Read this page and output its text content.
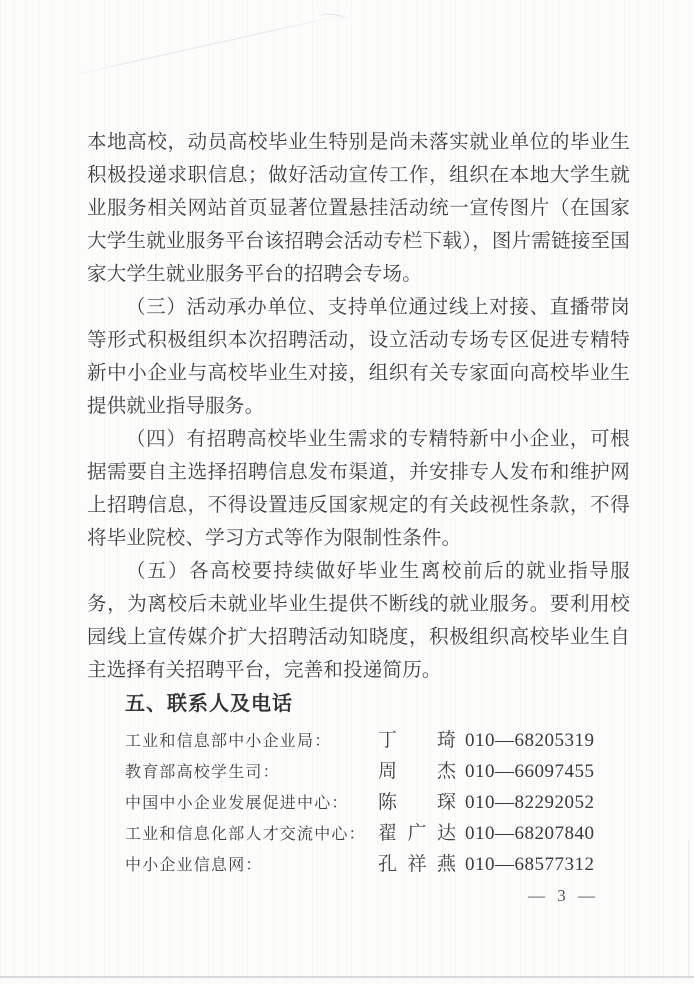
本地高校，动员高校毕业生特别是尚未落实就业单位的毕业生积极投递求职信息；做好活动宣传工作，组织在本地大学生就业服务相关网站首页显著位置悬挂活动统一宣传图片（在国家大学生就业服务平台该招聘会活动专栏下载），图片需链接至国家大学生就业服务平台的招聘会专场。

（三）活动承办单位、支持单位通过线上对接、直播带岗等形式积极组织本次招聘活动，设立活动专场专区促进专精特新中小企业与高校毕业生对接，组织有关专家面向高校毕业生提供就业指导服务。

（四）有招聘高校毕业生需求的专精特新中小企业，可根据需要自主选择招聘信息发布渠道，并安排专人发布和维护网上招聘信息，不得设置违反国家规定的有关歧视性条款，不得将毕业院校、学习方式等作为限制性条件。

（五）各高校要持续做好毕业生离校前后的就业指导服务，为离校后未就业毕业生提供不断线的就业服务。要利用校园线上宣传媒介扩大招聘活动知晓度，积极组织高校毕业生自主选择有关招聘平台，完善和投递简历。

五、联系人及电话
工业和信息部中小企业局：	丁　琦 010—68205319
教育部高校学生司：	周　杰 010—66097455
中国中小企业发展促进中心：	陈　琛 010—82292052
工业和信息化部人才交流中心： 翟广达 010—68207840
中小企业信息网：	孔祥燕 010—68577312
— 3 —
